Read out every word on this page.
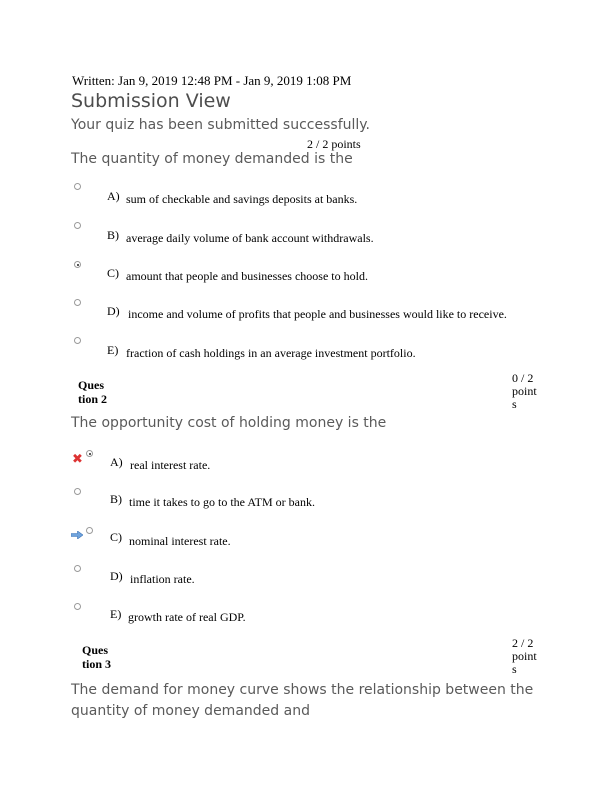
Written: Jan 9, 2019 12:48 PM - Jan 9, 2019 1:08 PM
Submission View
Your quiz has been submitted successfully.
2 / 2 points
The quantity of money demanded is the
A) sum of checkable and savings deposits at banks.
B) average daily volume of bank account withdrawals.
C) amount that people and businesses choose to hold.
D) income and volume of profits that people and businesses would like to receive.
E) fraction of cash holdings in an average investment portfolio.
Ques
tion 2
0 / 2
point
s
The opportunity cost of holding money is the
✖ A) real interest rate.
B) time it takes to go to the ATM or bank.
C) nominal interest rate.
D) inflation rate.
E) growth rate of real GDP.
Ques
tion 3
2 / 2
point
s
The demand for money curve shows the relationship between the
quantity of money demanded and
